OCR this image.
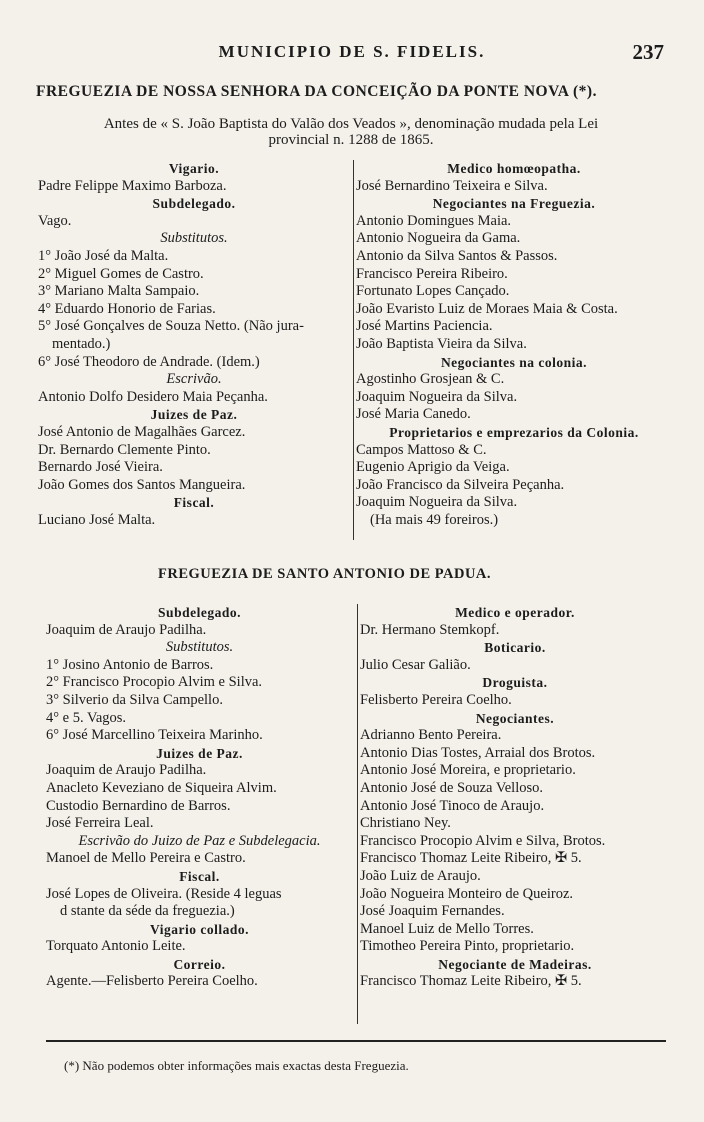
MUNICIPIO DE S. FIDELIS.	237
FREGUEZIA DE NOSSA SENHORA DA CONCEIÇÃO DA PONTE NOVA (*).
Antes de « S. João Baptista do Valão dos Veados », denominação mudada pela Lei
provincial n. 1288 de 1865.
Vigario.
Padre Felippe Maximo Barboza.
Subdelegado.
Vago.
Substitutos.
1° João José da Malta.
2° Miguel Gomes de Castro.
3° Mariano Malta Sampaio.
4° Eduardo Honorio de Farias.
5° José Gonçalves de Souza Netto. (Não jura-
mentado.)
6° José Theodoro de Andrade. (Idem.)
Escrivão.
Antonio Dolfo Desidero Maia Peçanha.
Juizes de Paz.
José Antonio de Magalhães Garcez.
Dr. Bernardo Clemente Pinto.
Bernardo José Vieira.
João Gomes dos Santos Mangueira.
Fiscal.
Luciano José Malta.
Medico homœopatha.
José Bernardino Teixeira e Silva.
Negociantes na Freguezia.
Antonio Domingues Maia.
Antonio Nogueira da Gama.
Antonio da Silva Santos & Passos.
Francisco Pereira Ribeiro.
Fortunato Lopes Cançado.
João Evaristo Luiz de Moraes Maia & Costa.
José Martins Paciencia.
João Baptista Vieira da Silva.
Negociantes na colonia.
Agostinho Grosjean & C.
Joaquim Nogueira da Silva.
José Maria Canedo.
Proprietarios e emprezarios da Colonia.
Campos Mattoso & C.
Eugenio Aprigio da Veiga.
João Francisco da Silveira Peçanha.
Joaquim Nogueira da Silva.
(Ha mais 49 foreiros.)
FREGUEZIA DE SANTO ANTONIO DE PADUA.
Subdelegado.
Joaquim de Araujo Padilha.
Substitutos.
1° Josino Antonio de Barros.
2° Francisco Procopio Alvim e Silva.
3° Silverio da Silva Campello.
4° e 5. Vagos.
6° José Marcellino Teixeira Marinho.
Juizes de Paz.
Joaquim de Araujo Padilha.
Anacleto Keveziano de Siqueira Alvim.
Custodio Bernardino de Barros.
José Ferreira Leal.
Escrivão do Juizo de Paz e Subdelegacia.
Manoel de Mello Pereira e Castro.
Fiscal.
José Lopes de Oliveira. (Reside 4 leguas
d stante da séde da freguezia.)
Vigario collado.
Torquato Antonio Leite.
Correio.
Agente.—Felisberto Pereira Coelho.
Medico e operador.
Dr. Hermano Stemkopf.
Boticario.
Julio Cesar Galião.
Droguista.
Felisberto Pereira Coelho.
Negociantes.
Adrianno Bento Pereira.
Antonio Dias Tostes, Arraial dos Brotos.
Antonio José Moreira, e proprietario.
Antonio José de Souza Velloso.
Antonio José Tinoco de Araujo.
Christiano Ney.
Francisco Procopio Alvim e Silva, Brotos.
Francisco Thomaz Leite Ribeiro, ✠ 5.
João Luiz de Araujo.
João Nogueira Monteiro de Queiroz.
José Joaquim Fernandes.
Manoel Luiz de Mello Torres.
Timotheo Pereira Pinto, proprietario.
Negociante de Madeiras.
Francisco Thomaz Leite Ribeiro, ✠ 5.
(*) Não podemos obter informações mais exactas desta Freguezia.
